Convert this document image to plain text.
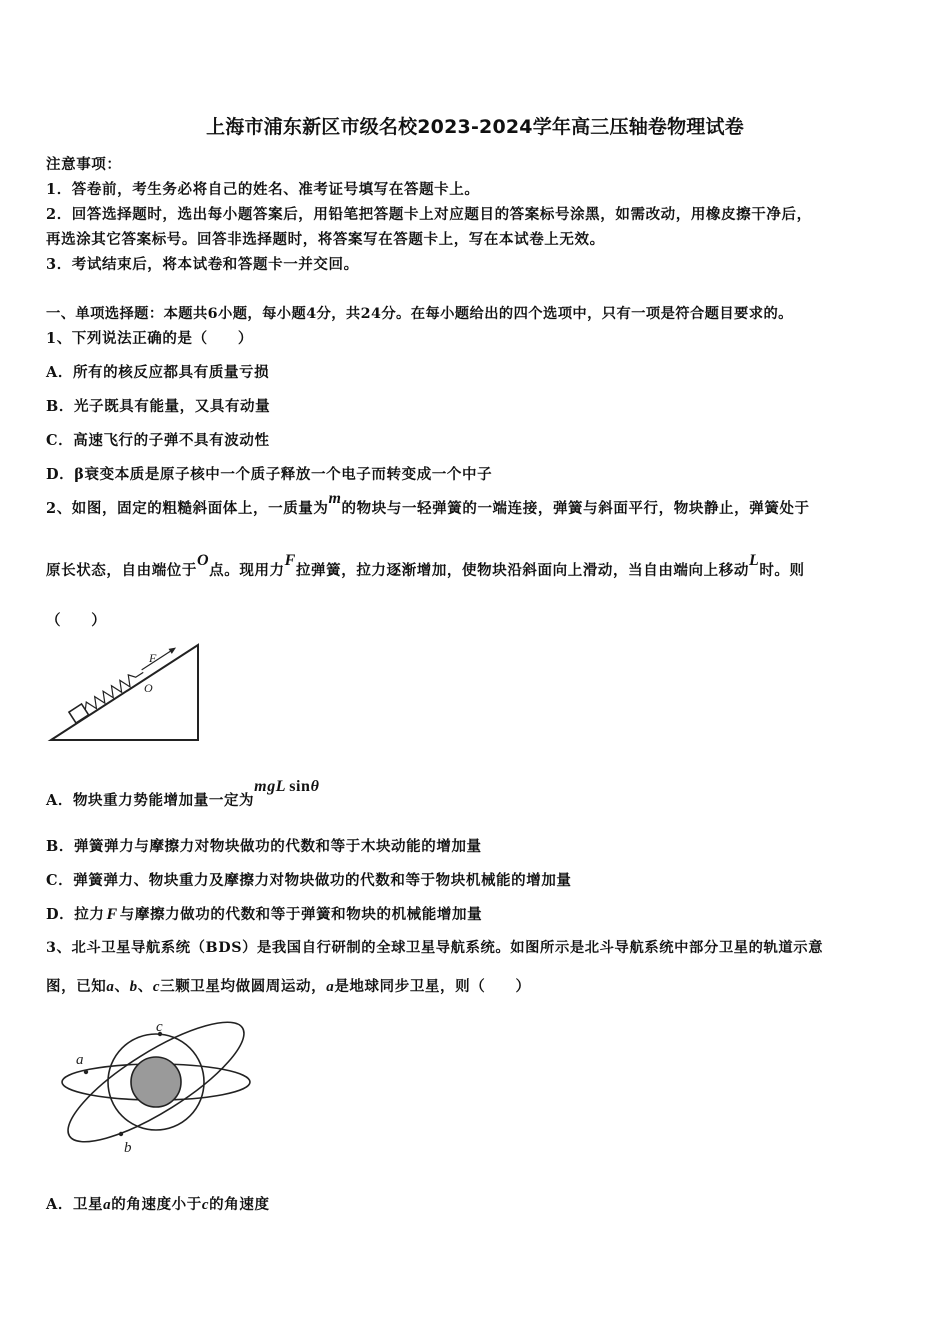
上海市浦东新区市级名校2023-2024学年高三压轴卷物理试卷
注意事项：
1．答卷前，考生务必将自己的姓名、准考证号填写在答题卡上。
2．回答选择题时，选出每小题答案后，用铅笔把答题卡上对应题目的答案标号涂黑，如需改动，用橡皮擦干净后，
再选涂其它答案标号。回答非选择题时，将答案写在答题卡上，写在本试卷上无效。
3．考试结束后，将本试卷和答题卡一并交回。
一、单项选择题：本题共6小题，每小题4分，共24分。在每小题给出的四个选项中，只有一项是符合题目要求的。
1、下列说法正确的是（　　）
A．所有的核反应都具有质量亏损
B．光子既具有能量，又具有动量
C．高速飞行的子弹不具有波动性
D．β衰变本质是原子核中一个质子释放一个电子而转变成一个中子
2、如图，固定的粗糙斜面体上，一质量为m的物块与一轻弹簧的一端连接，弹簧与斜面平行，物块静止，弹簧处于
原长状态，自由端位于O点。现用力F拉弹簧，拉力逐渐增加，使物块沿斜面向上滑动，当自由端向上移动L时。则
（　　）
F
O
A．物块重力势能增加量一定为mgL sinθ
B．弹簧弹力与摩擦力对物块做功的代数和等于木块动能的增加量
C．弹簧弹力、物块重力及摩擦力对物块做功的代数和等于物块机械能的增加量
D．拉力 F 与摩擦力做功的代数和等于弹簧和物块的机械能增加量
3、北斗卫星导航系统（BDS）是我国自行研制的全球卫星导航系统。如图所示是北斗导航系统中部分卫星的轨道示意
图，已知a、b、c三颗卫星均做圆周运动，a是地球同步卫星，则（　　）
a
c
b
A．卫星a的角速度小于c的角速度
